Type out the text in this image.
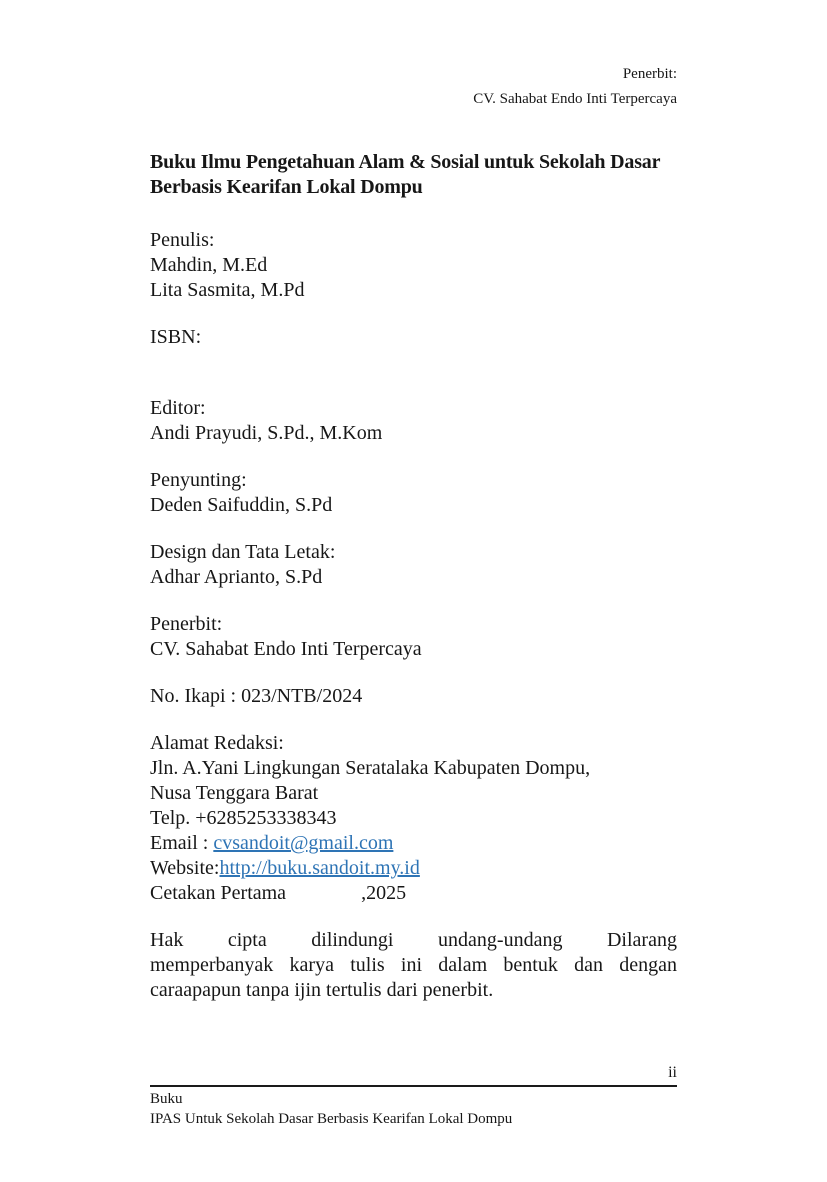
Penerbit:
CV. Sahabat Endo Inti Terpercaya
Buku Ilmu Pengetahuan Alam & Sosial untuk Sekolah Dasar
Berbasis Kearifan Lokal Dompu
Penulis:
Mahdin, M.Ed
Lita Sasmita, M.Pd
ISBN:
Editor:
Andi Prayudi, S.Pd., M.Kom
Penyunting:
Deden Saifuddin, S.Pd
Design dan Tata Letak:
Adhar Aprianto, S.Pd
Penerbit:
CV. Sahabat Endo Inti Terpercaya
No. Ikapi : 023/NTB/2024
Alamat Redaksi:
Jln. A.Yani Lingkungan Seratalaka Kabupaten Dompu,
Nusa Tenggara Barat
Telp. +6285253338343
Email : cvsandoit@gmail.com
Website:http://buku.sandoit.my.id
Cetakan Pertama	,2025
Hak cipta dilindungi undang-undang Dilarang
memperbanyak karya tulis ini dalam bentuk dan dengan
caraapapun tanpa ijin tertulis dari penerbit.
ii
Buku
IPAS Untuk Sekolah Dasar Berbasis Kearifan Lokal Dompu
